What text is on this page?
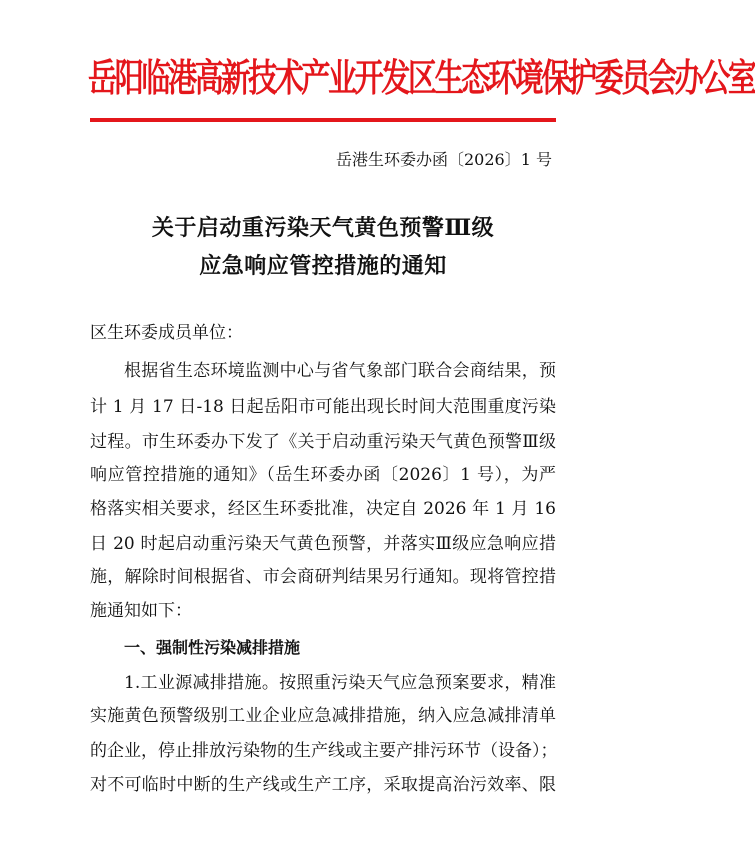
岳阳临港高新技术产业开发区生态环境保护委员会办公室
岳港生环委办函〔2026〕1 号
关于启动重污染天气黄色预警Ⅲ级
应急响应管控措施的通知
区生环委成员单位：
根据省生态环境监测中心与省气象部门联合会商结果，预
计 1 月 17 日-18 日起岳阳市可能出现长时间大范围重度污染
过程。市生环委办下发了《关于启动重污染天气黄色预警Ⅲ级
响应管控措施的通知》（岳生环委办函〔2026〕1 号），为严
格落实相关要求，经区生环委批准，决定自 2026 年 1 月 16
日 20 时起启动重污染天气黄色预警，并落实Ⅲ级应急响应措
施，解除时间根据省、市会商研判结果另行通知。现将管控措
施通知如下：
一、强制性污染减排措施
1.工业源减排措施。按照重污染天气应急预案要求，精准
实施黄色预警级别工业企业应急减排措施，纳入应急减排清单
的企业，停止排放污染物的生产线或主要产排污环节（设备）；
对不可临时中断的生产线或生产工序，采取提高治污效率、限
